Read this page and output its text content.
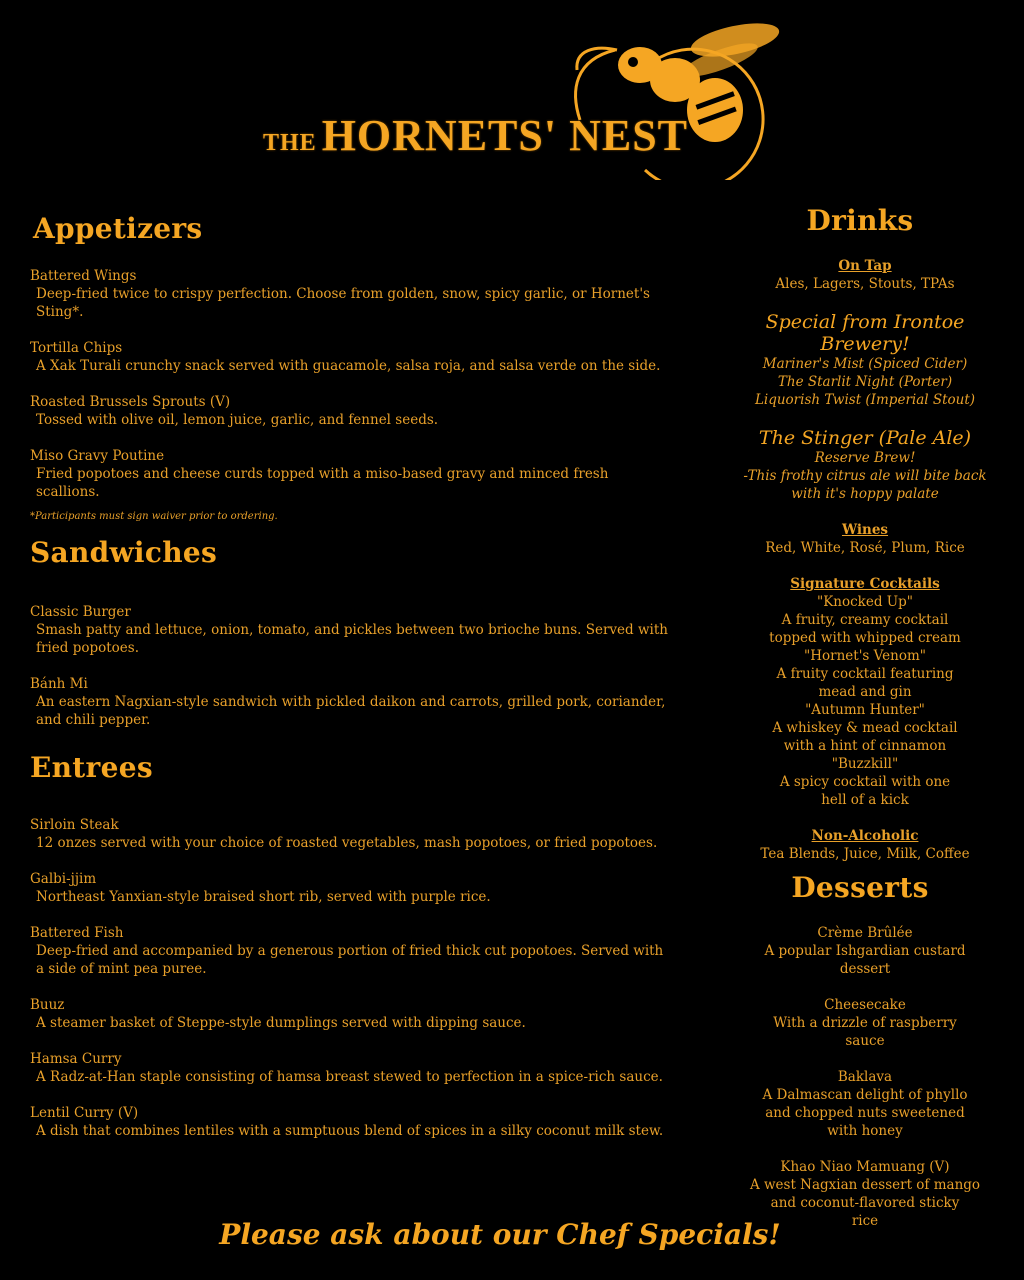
THE HORNETS' NEST
Appetizers
Battered Wings
Deep-fried twice to crispy perfection. Choose from golden, snow, spicy garlic, or Hornet's Sting*.
Tortilla Chips
A Xak Turali crunchy snack served with guacamole, salsa roja, and salsa verde on the side.
Roasted Brussels Sprouts (V)
Tossed with olive oil, lemon juice, garlic, and fennel seeds.
Miso Gravy Poutine
Fried popotoes and cheese curds topped with a miso-based gravy and minced fresh scallions.
*Participants must sign waiver prior to ordering.
Sandwiches
Classic Burger
Smash patty and lettuce, onion, tomato, and pickles between two brioche buns. Served with fried popotoes.
Bánh Mi
An eastern Nagxian-style sandwich with pickled daikon and carrots, grilled pork, coriander, and chili pepper.
Entrees
Sirloin Steak
12 onzes served with your choice of roasted vegetables, mash popotoes, or fried popotoes.
Galbi-jjim
Northeast Yanxian-style braised short rib, served with purple rice.
Battered Fish
Deep-fried and accompanied by a generous portion of fried thick cut popotoes. Served with a side of mint pea puree.
Buuz
A steamer basket of Steppe-style dumplings served with dipping sauce.
Hamsa Curry
A Radz-at-Han staple consisting of hamsa breast stewed to perfection in a spice-rich sauce.
Lentil Curry (V)
A dish that combines lentiles with a sumptuous blend of spices in a silky coconut milk stew.
Drinks
On Tap
Ales, Lagers, Stouts, TPAs
Special from Irontoe Brewery!
Mariner's Mist (Spiced Cider)
The Starlit Night (Porter)
Liquorish Twist (Imperial Stout)
The Stinger (Pale Ale)
Reserve Brew!
-This frothy citrus ale will bite back
with it's hoppy palate
Wines
Red, White, Rosé, Plum, Rice
Signature Cocktails
"Knocked Up"
A fruity, creamy cocktail
topped with whipped cream
"Hornet's Venom"
A fruity cocktail featuring
mead and gin
"Autumn Hunter"
A whiskey & mead cocktail
with a hint of cinnamon
"Buzzkill"
A spicy cocktail with one
hell of a kick
Non-Alcoholic
Tea Blends, Juice, Milk, Coffee
Desserts
Crème Brûlée
A popular Ishgardian custard
dessert
Cheesecake
With a drizzle of raspberry
sauce
Baklava
A Dalmascan delight of phyllo
and chopped nuts sweetened
with honey
Khao Niao Mamuang (V)
A west Nagxian dessert of mango
and coconut-flavored sticky
rice
Please ask about our Chef Specials!
